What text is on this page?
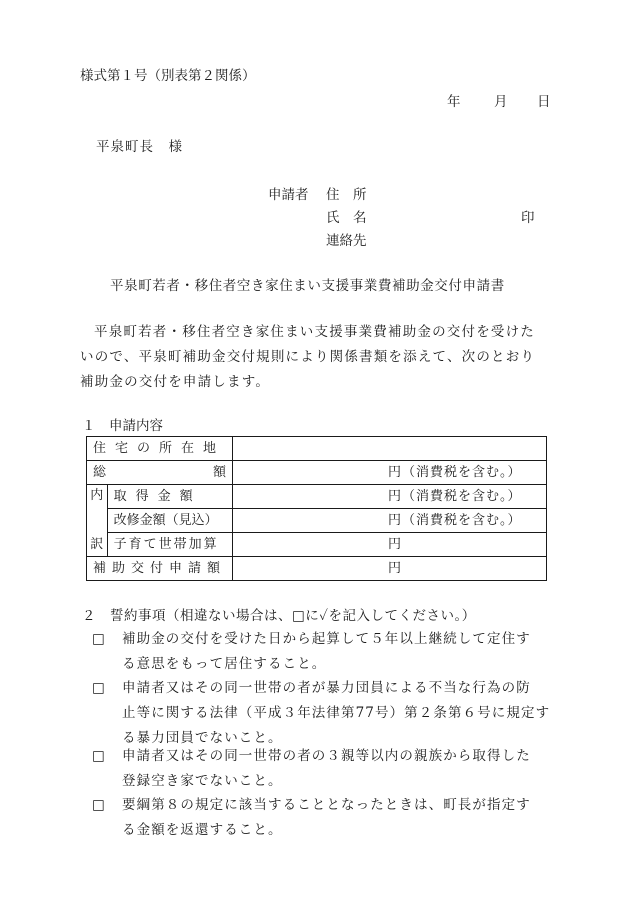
様式第１号（別表第２関係）
年 月 日
平泉町長　様
申請者 住　所
氏　名	印
連絡先
平泉町若者・移住者空き家住まい支援事業費補助金交付申請書
平泉町若者・移住者空き家住まい支援事業費補助金の交付を受けた
いので、平泉町補助金交付規則により関係書類を添えて、次のとおり
補助金の交付を申請します。
１　申請内容
住宅の所在地		
総 額		円（消費税を含む。）
内	取得金額	円（消費税を含む。）
	改修金額（見込）	円（消費税を含む。）
訳	子育て世帯加算	円
補助交付申請額		円
２　誓約事項（相違ない場合は、□に✓を記入してください。）
□ 補助金の交付を受けた日から起算して５年以上継続して定住す
る意思をもって居住すること。
□ 申請者又はその同一世帯の者が暴力団員による不当な行為の防
止等に関する法律（平成３年法律第77号）第２条第６号に規定す
る暴力団員でないこと。
□ 申請者又はその同一世帯の者の３親等以内の親族から取得した
登録空き家でないこと。
□ 要綱第８の規定に該当することとなったときは、町長が指定す
る金額を返還すること。
